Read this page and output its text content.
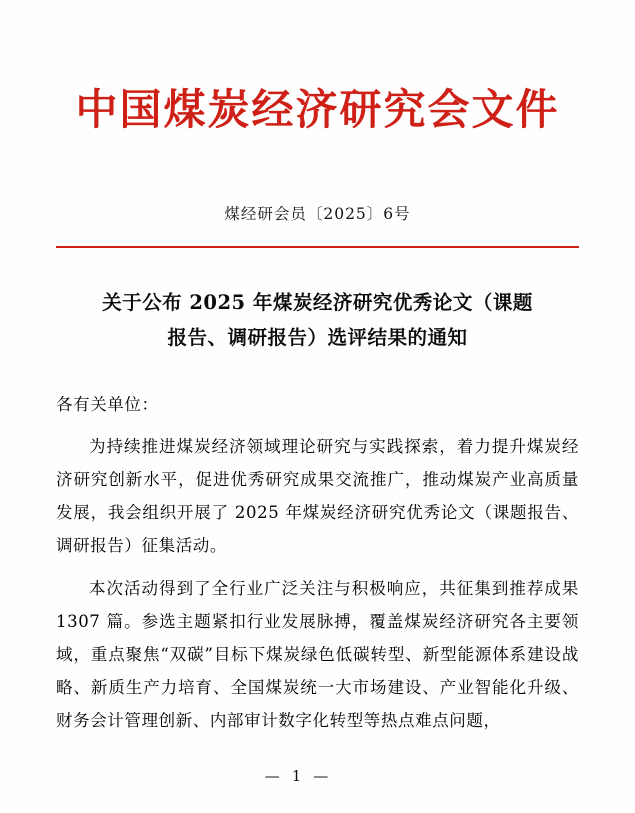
中国煤炭经济研究会文件
煤经研会员〔2025〕6号
关于公布 2025 年煤炭经济研究优秀论文（课题
报告、调研报告）选评结果的通知
各有关单位：
为持续推进煤炭经济领域理论研究与实践探索，着力提升煤炭经济研究创新水平，促进优秀研究成果交流推广，推动煤炭产业高质量发展，我会组织开展了 2025 年煤炭经济研究优秀论文（课题报告、调研报告）征集活动。
本次活动得到了全行业广泛关注与积极响应，共征集到推荐成果 1307 篇。参选主题紧扣行业发展脉搏，覆盖煤炭经济研究各主要领域，重点聚焦“双碳”目标下煤炭绿色低碳转型、新型能源体系建设战略、新质生产力培育、全国煤炭统一大市场建设、产业智能化升级、财务会计管理创新、内部审计数字化转型等热点难点问题，
— 1 —
